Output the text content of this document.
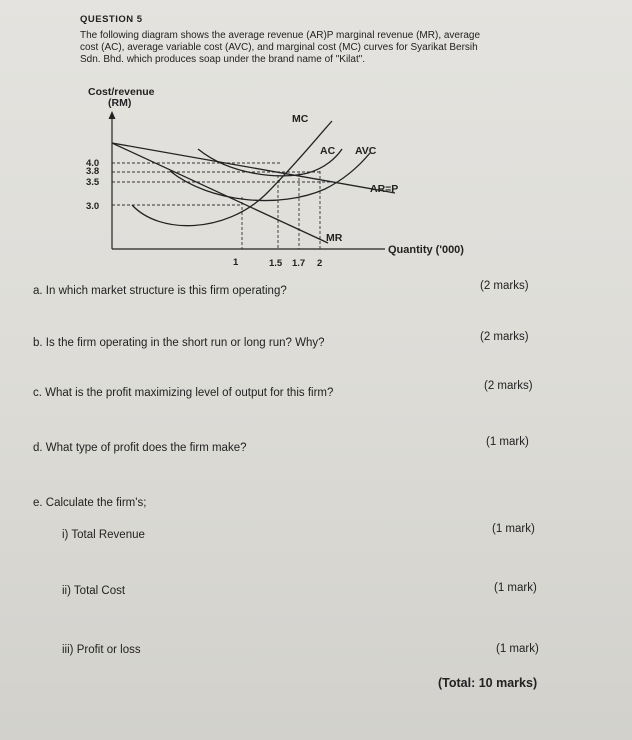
QUESTION 5
The following diagram shows the average revenue (AR)P marginal revenue (MR), average
cost (AC), average variable cost (AVC), and marginal cost (MC) curves for Syarikat Bersih
Sdn. Bhd. which produces soap under the brand name of "Kilat".
Cost/revenue
(RM)
4.0
3.8
3.5
3.0
1	1.5 1.7 2
MC
AC AVC
AR=P
MR
Quantity ('000)
a. In which market structure is this firm operating?	(2 marks)
b. Is the firm operating in the short run or long run? Why?	(2 marks)
c. What is the profit maximizing level of output for this firm?
(2 marks)
d. What type of profit does the firm make?	(1 mark)
e. Calculate the firm's;
i) Total Revenue	(1 mark)
ii) Total Cost	(1 mark)
iii) Profit or loss	(1 mark)
(Total: 10 marks)
